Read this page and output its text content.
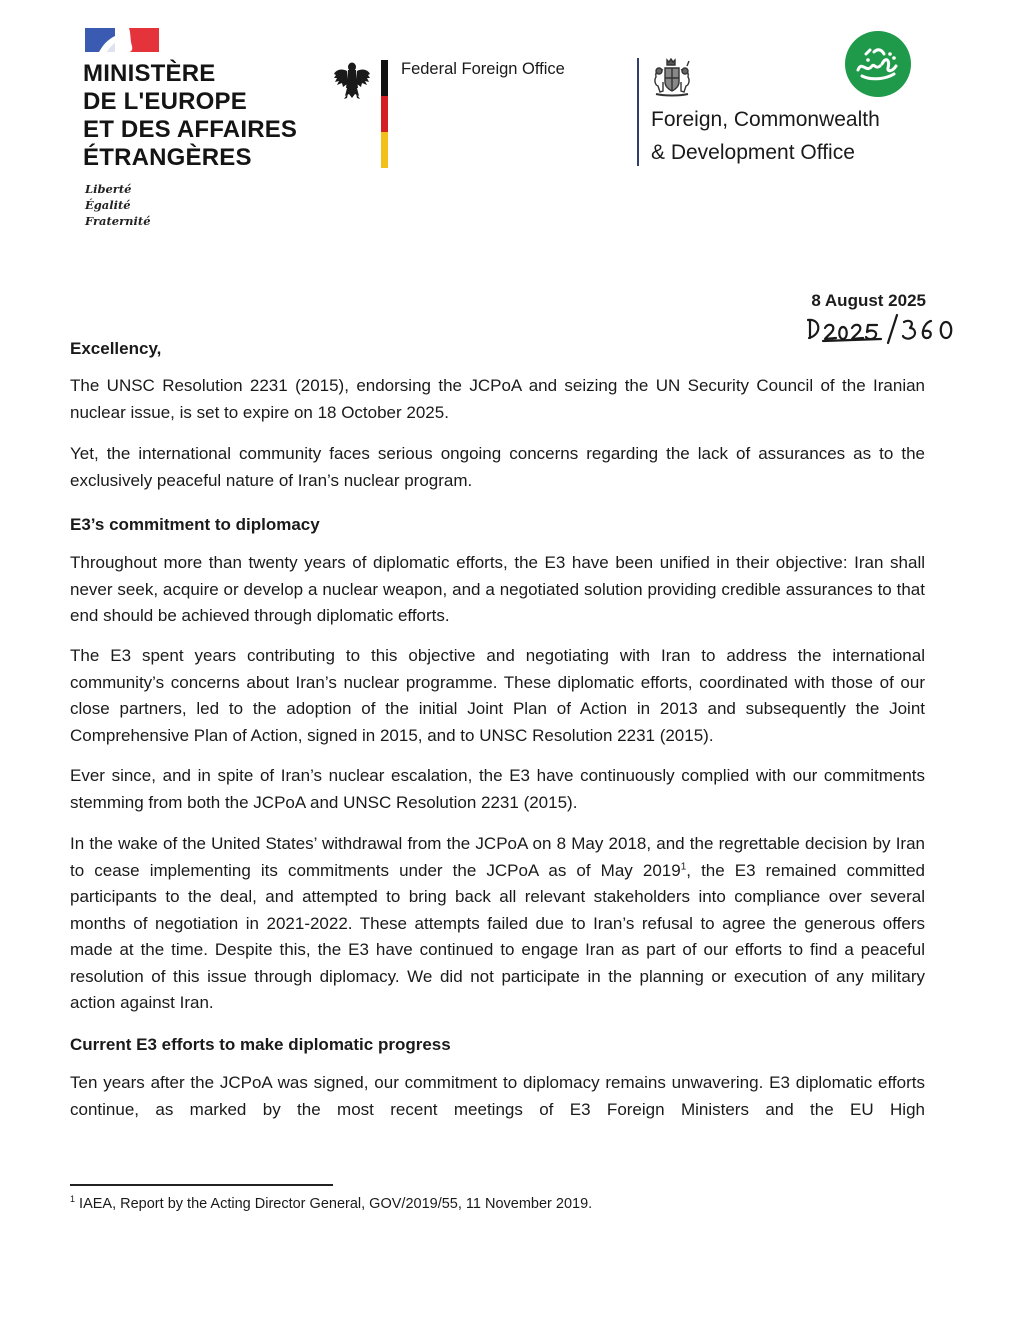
MINISTÈRE
DE L'EUROPE
ET DES AFFAIRES
ÉTRANGÈRES
Liberté
Égalité
Fraternité
Federal Foreign Office
Foreign, Commonwealth
& Development Office
8 August 2025
Excellency,

The UNSC Resolution 2231 (2015), endorsing the JCPoA and seizing the UN Security Council of the Iranian nuclear issue, is set to expire on 18 October 2025.

Yet, the international community faces serious ongoing concerns regarding the lack of assurances as to the exclusively peaceful nature of Iran’s nuclear program.

E3’s commitment to diplomacy

Throughout more than twenty years of diplomatic efforts, the E3 have been unified in their objective: Iran shall never seek, acquire or develop a nuclear weapon, and a negotiated solution providing credible assurances to that end should be achieved through diplomatic efforts.

The E3 spent years contributing to this objective and negotiating with Iran to address the international community’s concerns about Iran’s nuclear programme. These diplomatic efforts, coordinated with those of our close partners, led to the adoption of the initial Joint Plan of Action in 2013 and subsequently the Joint Comprehensive Plan of Action, signed in 2015, and to UNSC Resolution 2231 (2015).

Ever since, and in spite of Iran’s nuclear escalation, the E3 have continuously complied with our commitments stemming from both the JCPoA and UNSC Resolution 2231 (2015).

In the wake of the United States’ withdrawal from the JCPoA on 8 May 2018, and the regrettable decision by Iran to cease implementing its commitments under the JCPoA as of May 2019$^1$, the E3 remained committed participants to the deal, and attempted to bring back all relevant stakeholders into compliance over several months of negotiation in 2021-2022. These attempts failed due to Iran’s refusal to agree the generous offers made at the time. Despite this, the E3 have continued to engage Iran as part of our efforts to find a peaceful resolution of this issue through diplomacy. We did not participate in the planning or execution of any military action against Iran.

Current E3 efforts to make diplomatic progress

Ten years after the JCPoA was signed, our commitment to diplomacy remains unwavering. E3 diplomatic efforts continue, as marked by the most recent meetings of E3 Foreign Ministers and the EU High

$^1$ IAEA, Report by the Acting Director General, GOV/2019/55, 11 November 2019.
